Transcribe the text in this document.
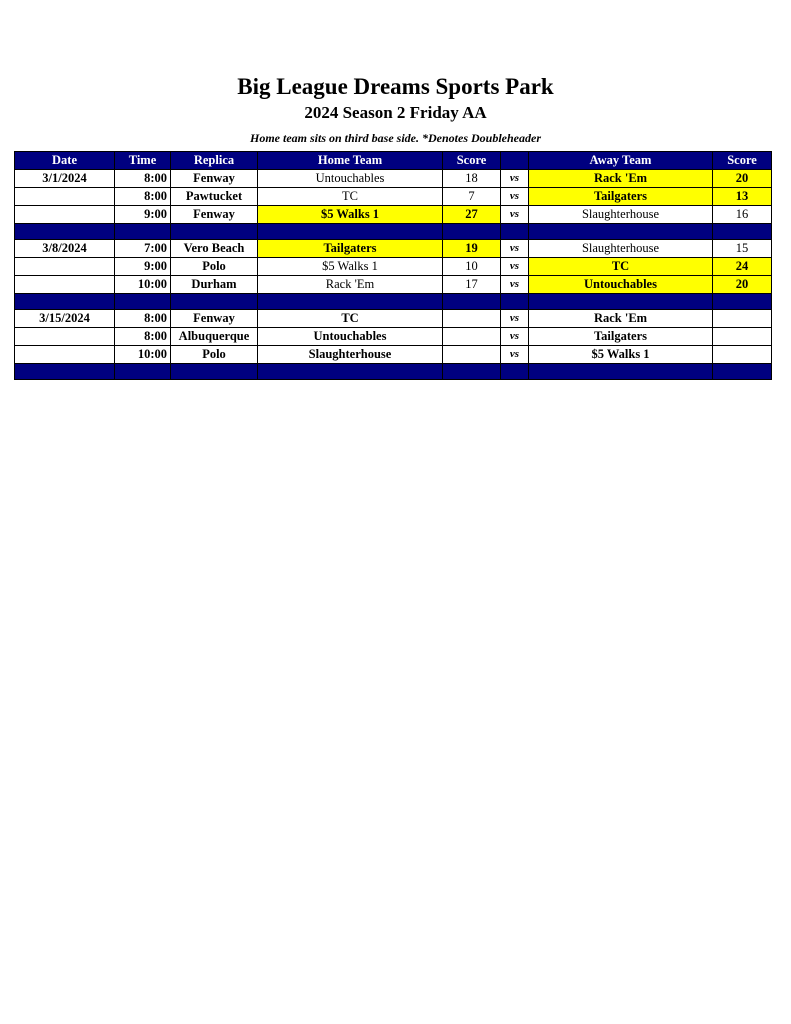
Big League Dreams Sports Park
2024 Season 2 Friday AA
Home team sits on third base side. *Denotes Doubleheader
Date	Time	Replica	Home Team	Score		Away Team	Score
3/1/2024	8:00	Fenway	Untouchables	18	vs	Rack 'Em	20
	8:00	Pawtucket	TC	7	vs	Tailgaters	13
	9:00	Fenway	$5 Walks 1	27	vs	Slaughterhouse	16

3/8/2024	7:00	Vero Beach	Tailgaters	19	vs	Slaughterhouse	15
	9:00	Polo	$5 Walks 1	10	vs	TC	24
	10:00	Durham	Rack 'Em	17	vs	Untouchables	20

3/15/2024	8:00	Fenway	TC		vs	Rack 'Em	
	8:00	Albuquerque	Untouchables		vs	Tailgaters	
	10:00	Polo	Slaughterhouse		vs	$5 Walks 1	
